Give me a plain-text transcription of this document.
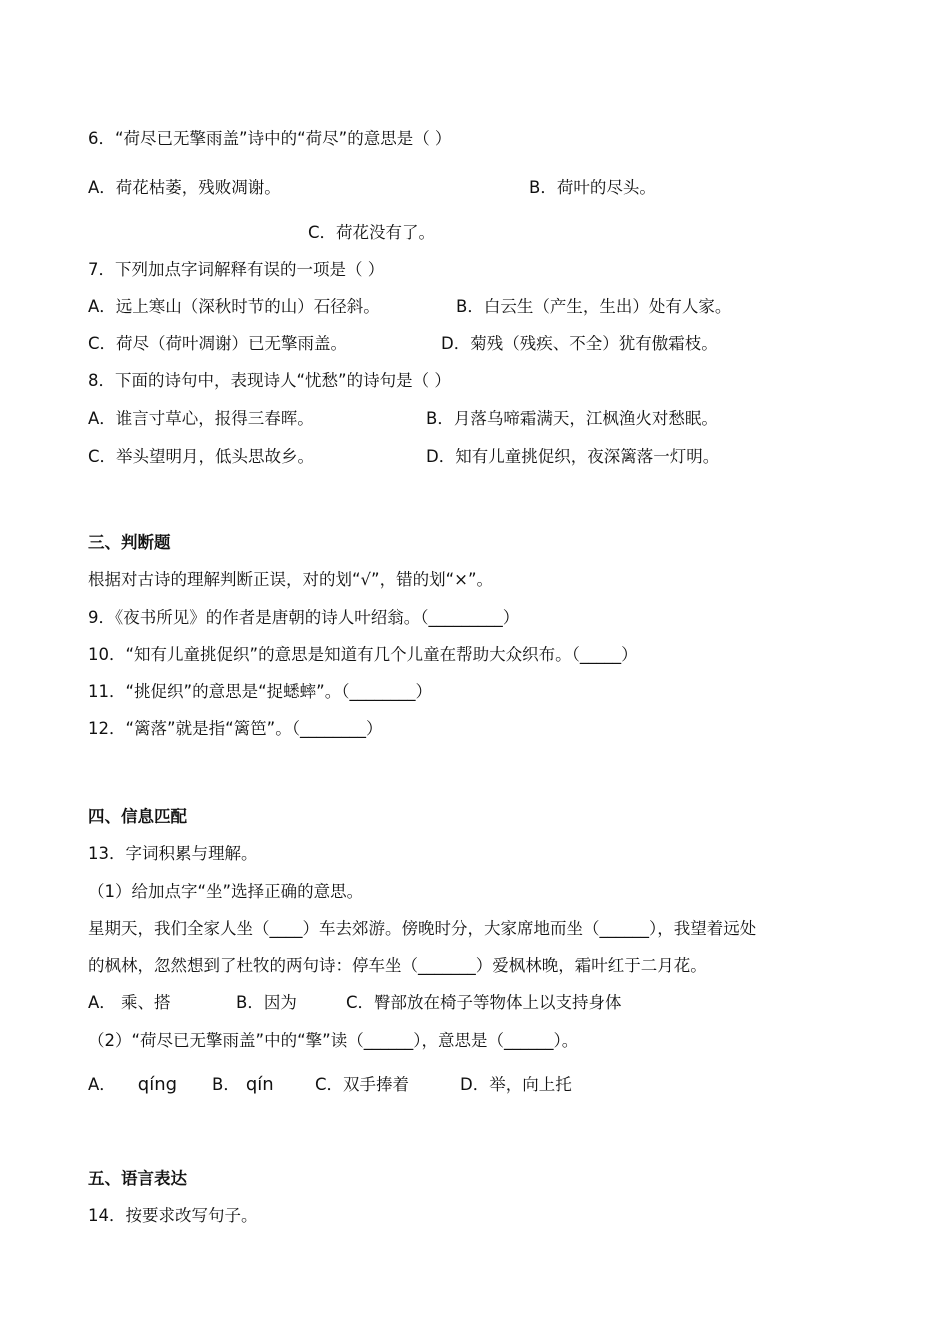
6．“荷尽已无擎雨盖”诗中的“荷尽”的意思是（ ）
A．荷花枯萎，残败凋谢。	B．荷叶的尽头。
C．荷花没有了。
7．下列加点字词解释有误的一项是（ ）
A．远上寒山（深秋时节的山）石径斜。	B．白云生（产生，生出）处有人家。
C．荷尽（荷叶凋谢）已无擎雨盖。	D．菊残（残疾、不全）犹有傲霜枝。
8．下面的诗句中，表现诗人“忧愁”的诗句是（ ）
A．谁言寸草心，报得三春晖。	B．月落乌啼霜满天，江枫渔火对愁眠。
C．举头望明月，低头思故乡。	D．知有儿童挑促织，夜深篱落一灯明。
三、判断题
根据对古诗的理解判断正误，对的划“√”，错的划“×”。
9．《夜书所见》的作者是唐朝的诗人叶绍翁。（_________）
10．“知有儿童挑促织”的意思是知道有几个儿童在帮助大众织布。（_____）
11．“挑促织”的意思是“捉蟋蟀”。（________）
12．“篱落”就是指“篱笆”。（________）
四、信息匹配
13．字词积累与理解。
（1）给加点字“坐”选择正确的意思。
星期天，我们全家人坐（____）车去郊游。傍晚时分，大家席地而坐（______），我望着远处
的枫林，忽然想到了杜牧的两句诗：停车坐（_______）爱枫林晚，霜叶红于二月花。
A． 乘、搭	B．因为	C．臀部放在椅子等物体上以支持身体
（2）“荷尽已无擎雨盖”中的“擎”读（______），意思是（______）。
A． qíng B． qín	C．双手捧着	D．举，向上托
五、语言表达
14．按要求改写句子。
